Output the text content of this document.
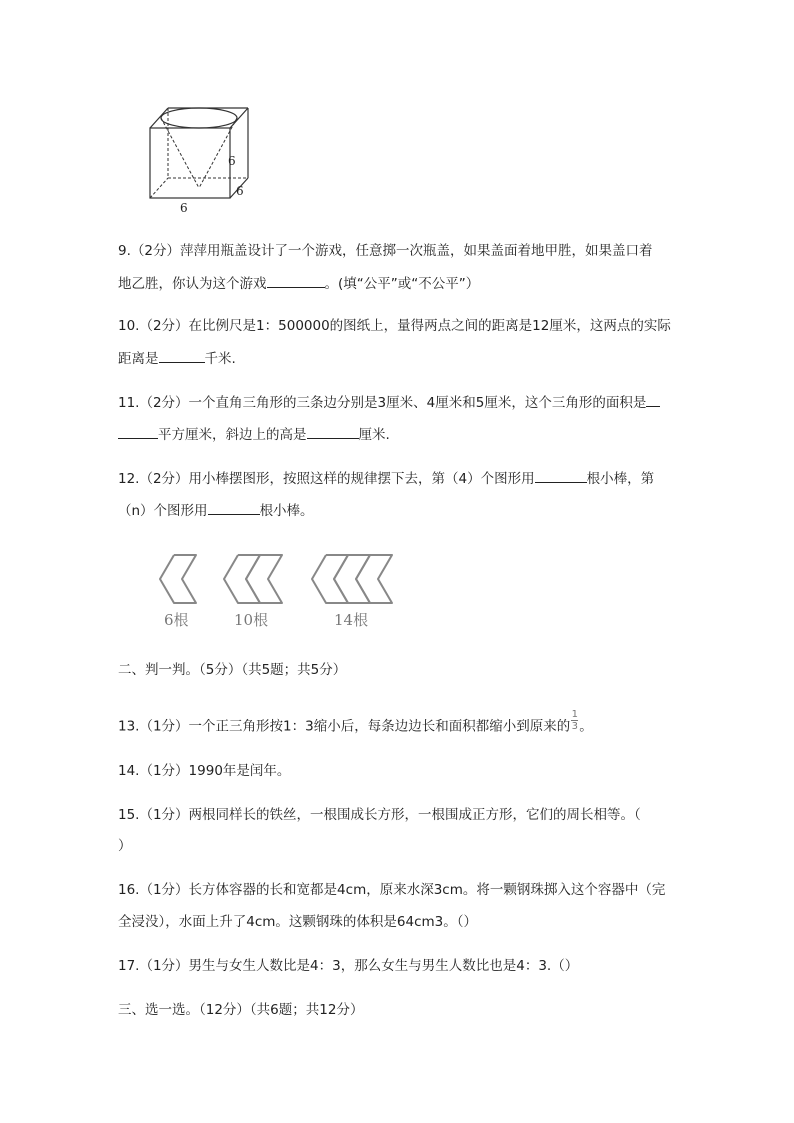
6
6
6
9.（2分）萍萍用瓶盖设计了一个游戏，任意掷一次瓶盖，如果盖面着地甲胜，如果盖口着
地乙胜，你认为这个游戏	。(填“公平”或“不公平”）
10.（2分）在比例尺是1：500000的图纸上，量得两点之间的距离是12厘米，这两点的实际
距离是	千米.
11.（2分）一个直角三角形的三条边分别是3厘米、4厘米和5厘米，这个三角形的面积是
平方厘米，斜边上的高是	厘米.
12.（2分）用小棒摆图形，按照这样的规律摆下去，第（4）个图形用	根小棒，第
（n）个图形用	根小棒。
6根	10根	14根
二、判一判。（5分）（共5题；共5分）
13.（1分）一个正三角形按1：3缩小后，每条边边长和面积都缩小到原来的 $\frac{1}{3}$ 。
14.（1分）1990年是闰年。
15.（1分）两根同样长的铁丝，一根围成长方形，一根围成正方形，它们的周长相等。（
）
16.（1分）长方体容器的长和宽都是4cm，原来水深3cm。将一颗钢珠掷入这个容器中（完
全浸没），水面上升了4cm。这颗钢珠的体积是64cm3。（）
17.（1分）男生与女生人数比是4：3，那么女生与男生人数比也是4：3.（）
三、选一选。（12分）（共6题；共12分）
